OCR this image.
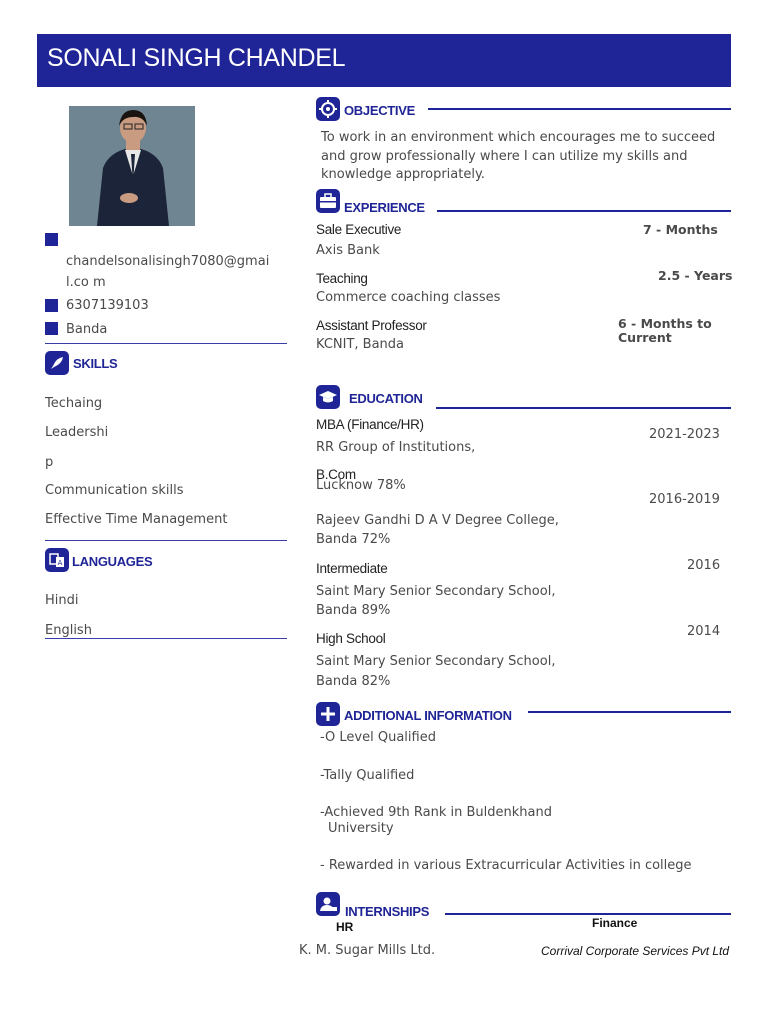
SONALI SINGH CHANDEL
chandelsonalisingh7080@gmai
l.co m
6307139103
Banda
SKILLS
Techaing
Leadershi
p
Communication skills
Effective Time Management
A LANGUAGES
Hindi
English
OBJECTIVE
To work in an environment which encourages me to succeed
and grow professionally where I can utilize my skills and
knowledge appropriately.
EXPERIENCE
Sale Executive
Axis Bank
7 - Months
Teaching
Commerce coaching classes
2.5 - Years
Assistant Professor
KCNIT, Banda
6 - Months to
Current
EDUCATION
MBA (Finance/HR)
RR Group of Institutions,
Lucknow 78%
2021-2023
B.Com
Rajeev Gandhi D A V Degree College,
Banda 72%
2016-2019
Intermediate
Saint Mary Senior Secondary School,
Banda 89%
2016
High School
Saint Mary Senior Secondary School,
Banda 82%
2014
ADDITIONAL INFORMATION
-O Level Qualified
-Tally Qualified
-Achieved 9th Rank in Buldenkhand
University
- Rewarded in various Extracurricular Activities in college
INTERNSHIPS
HR
K. M. Sugar Mills Ltd.
Finance
Corrival Corporate Services Pvt Ltd
